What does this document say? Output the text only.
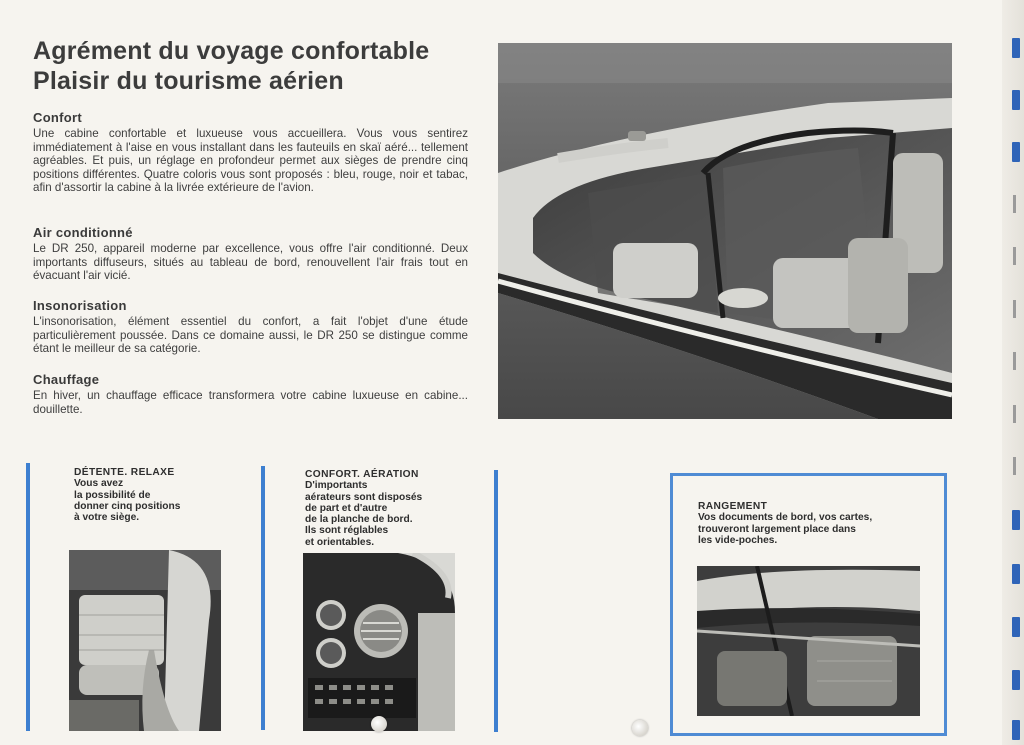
Agrément du voyage confortable
Plaisir du tourisme aérien
Confort

Une cabine confortable et luxueuse vous accueillera. Vous vous sentirez immédiatement à l'aise en vous installant dans les fauteuils en skaï aéré... tellement agréables. Et puis, un réglage en profondeur permet aux sièges de prendre cinq positions différentes. Quatre coloris vous sont proposés : bleu, rouge, noir et tabac, afin d'assortir la cabine à la livrée extérieure de l'avion.

Air conditionné

Le DR 250, appareil moderne par excellence, vous offre l'air conditionné. Deux importants diffuseurs, situés au tableau de bord, renouvellent l'air frais tout en évacuant l'air vicié.

Insonorisation

L'insonorisation, élément essentiel du confort, a fait l'objet d'une étude particulièrement poussée. Dans ce domaine aussi, le DR 250 se distingue comme étant le meilleur de sa catégorie.

Chauffage

En hiver, un chauffage efficace transformera votre cabine luxueuse en cabine... douillette.

DÉTENTE. RELAXE
Vous avez
la possibilité de
donner cinq positions
à votre siège.
CONFORT. AÉRATION
D'importants
aérateurs sont disposés
de part et d'autre
de la planche de bord.
Ils sont réglables
et orientables.
RANGEMENT
Vos documents de bord, vos cartes,
trouveront largement place dans
les vide-poches.
